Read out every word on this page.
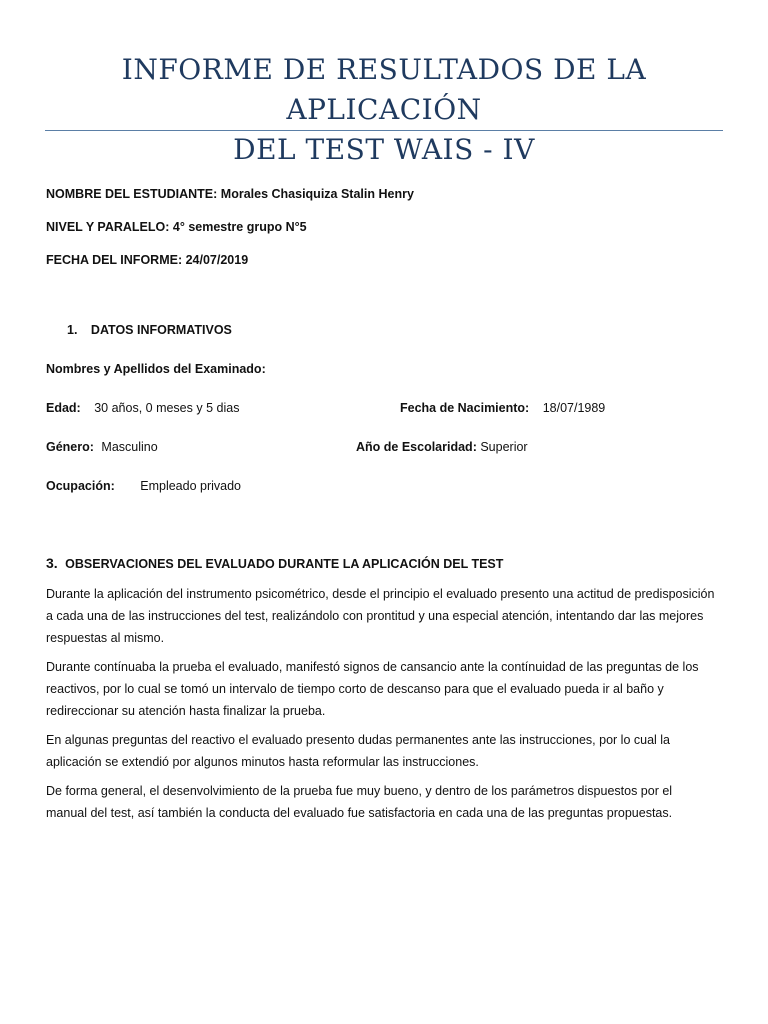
INFORME DE RESULTADOS DE LA APLICACIÓN
DEL TEST WAIS - IV
NOMBRE DEL ESTUDIANTE: Morales Chasiquiza Stalin Henry
NIVEL Y PARALELO: 4° semestre grupo N°5
FECHA DEL INFORME: 24/07/2019
1. DATOS INFORMATIVOS
Nombres y Apellidos del Examinado:
Edad: 30 años, 0 meses y 5 dias	Fecha de Nacimiento: 18/07/1989
Género: Masculino	Año de Escolaridad: Superior
Ocupación: Empleado privado
3. OBSERVACIONES DEL EVALUADO DURANTE LA APLICACIÓN DEL TEST
Durante la aplicación del instrumento psicométrico, desde el principio el evaluado presento una actitud de predisposición a cada una de las instrucciones del test, realizándolo con prontitud y una especial atención, intentando dar las mejores respuestas al mismo.
Durante contínuaba la prueba el evaluado, manifestó signos de cansancio ante la contínuidad de las preguntas de los reactivos, por lo cual se tomó un intervalo de tiempo corto de descanso para que el evaluado pueda ir al baño y redireccionar su atención hasta finalizar la prueba.
En algunas preguntas del reactivo el evaluado presento dudas permanentes ante las instrucciones, por lo cual la aplicación se extendió por algunos minutos hasta reformular las instrucciones.
De forma general, el desenvolvimiento de la prueba fue muy bueno, y dentro de los parámetros dispuestos por el manual del test, así también la conducta del evaluado fue satisfactoria en cada una de las preguntas propuestas.
